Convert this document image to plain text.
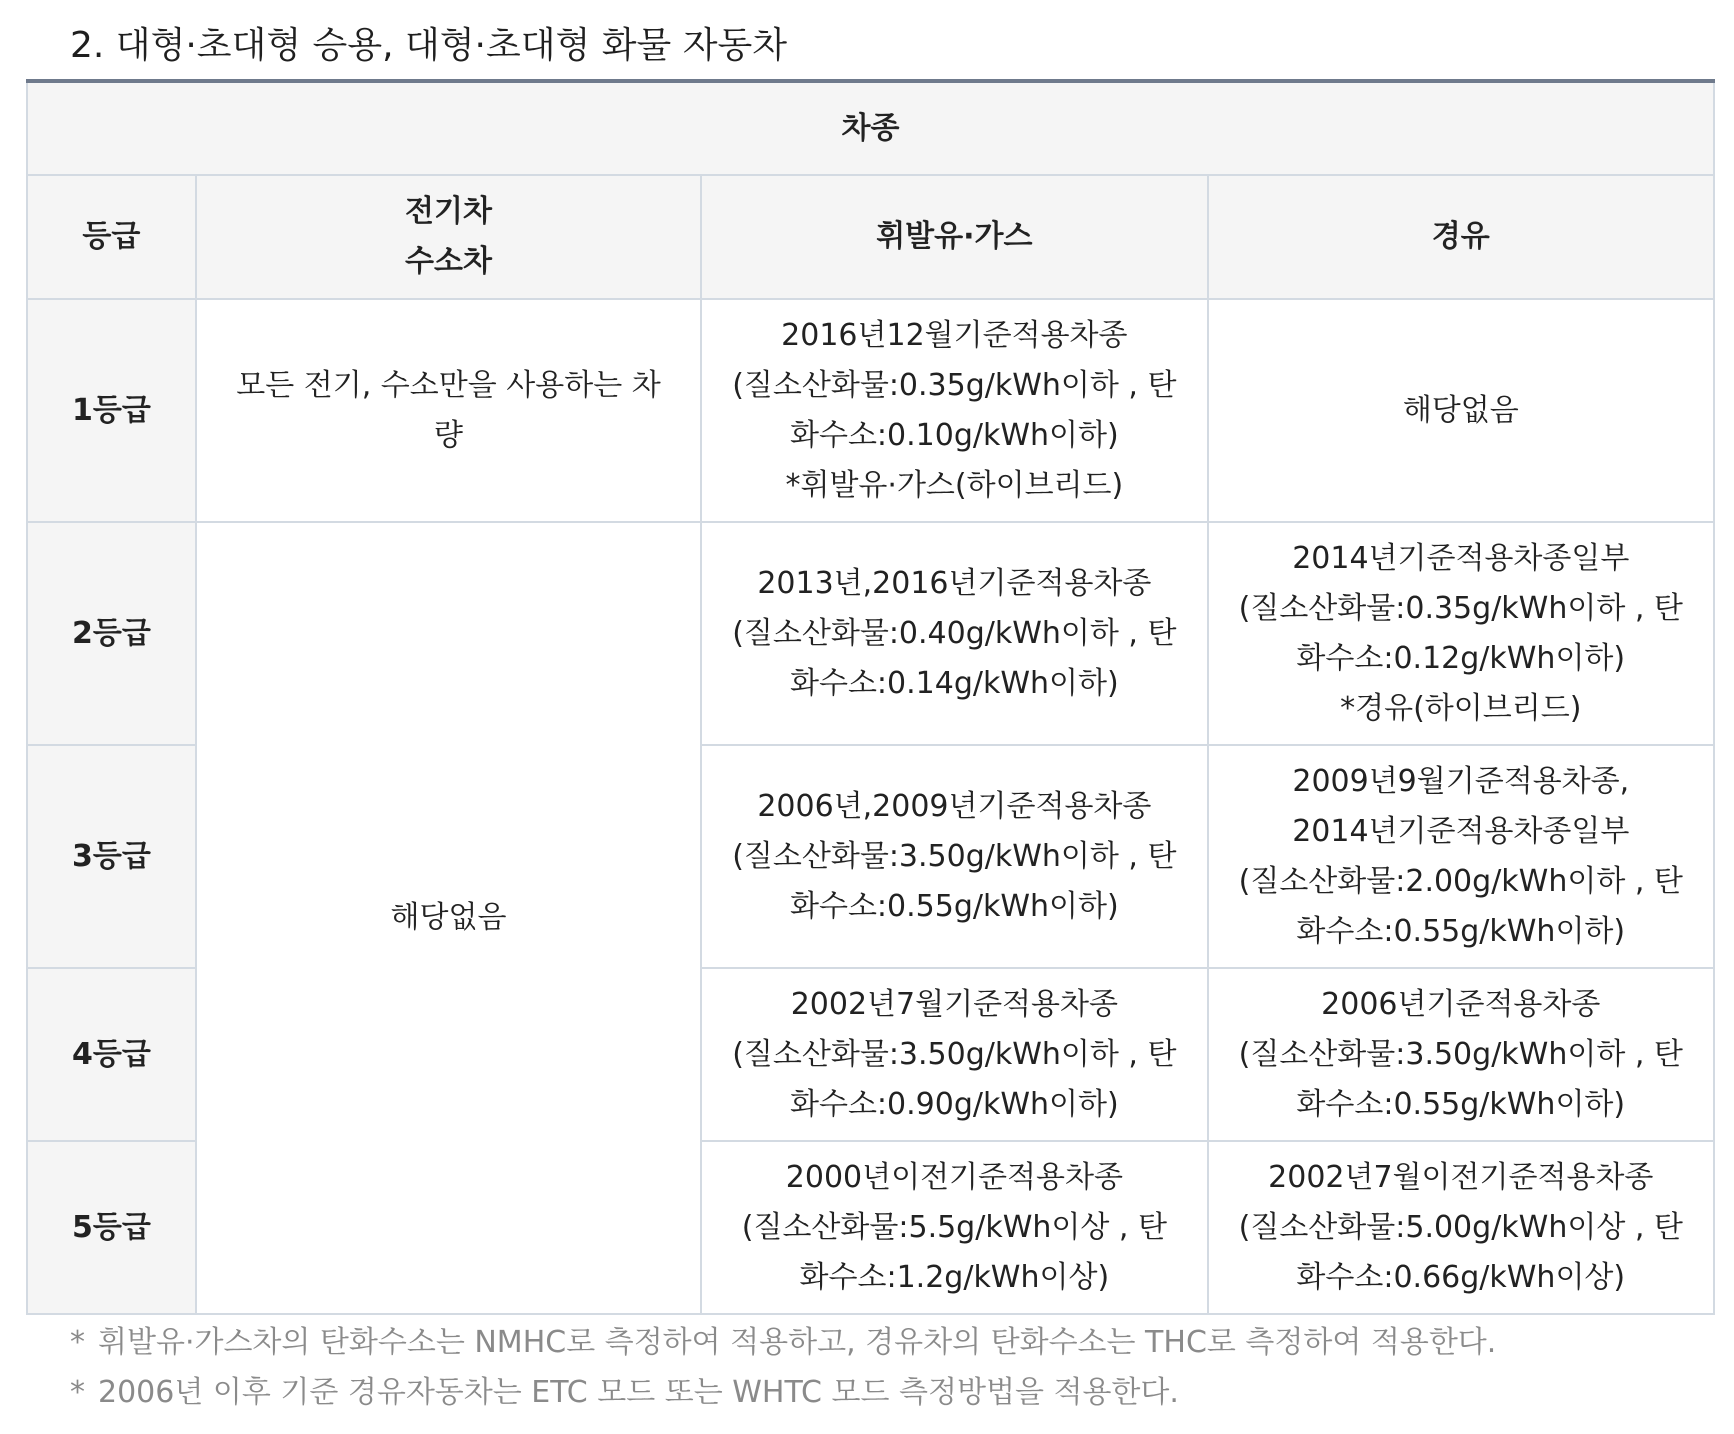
2. 대형·초대형 승용, 대형·초대형 화물 자동차
차종			
등급	전기차
수소차	휘발유·가스	경유
1등급	모든 전기, 수소만을 사용하는 차량	2016년12월기준적용차종
(질소산화물:0.35g/kWh이하 , 탄화수소:0.10g/kWh이하)
*휘발유·가스(하이브리드)	해당없음
2등급	해당없음	2013년,2016년기준적용차종
(질소산화물:0.40g/kWh이하 , 탄화수소:0.14g/kWh이하)	2014년기준적용차종일부
(질소산화물:0.35g/kWh이하 , 탄화수소:0.12g/kWh이하)
*경유(하이브리드)
3등급		2006년,2009년기준적용차종
(질소산화물:3.50g/kWh이하 , 탄화수소:0.55g/kWh이하)	2009년9월기준적용차종,
2014년기준적용차종일부
(질소산화물:2.00g/kWh이하 , 탄화수소:0.55g/kWh이하)
4등급		2002년7월기준적용차종
(질소산화물:3.50g/kWh이하 , 탄화수소:0.90g/kWh이하)	2006년기준적용차종
(질소산화물:3.50g/kWh이하 , 탄화수소:0.55g/kWh이하)
5등급		2000년이전기준적용차종
(질소산화물:5.5g/kWh이상 , 탄화수소:1.2g/kWh이상)	2002년7월이전기준적용차종
(질소산화물:5.00g/kWh이상 , 탄화수소:0.66g/kWh이상)
* 휘발유·가스차의 탄화수소는 NMHC로 측정하여 적용하고, 경유차의 탄화수소는 THC로 측정하여 적용한다.
* 2006년 이후 기준 경유자동차는 ETC 모드 또는 WHTC 모드 측정방법을 적용한다.
